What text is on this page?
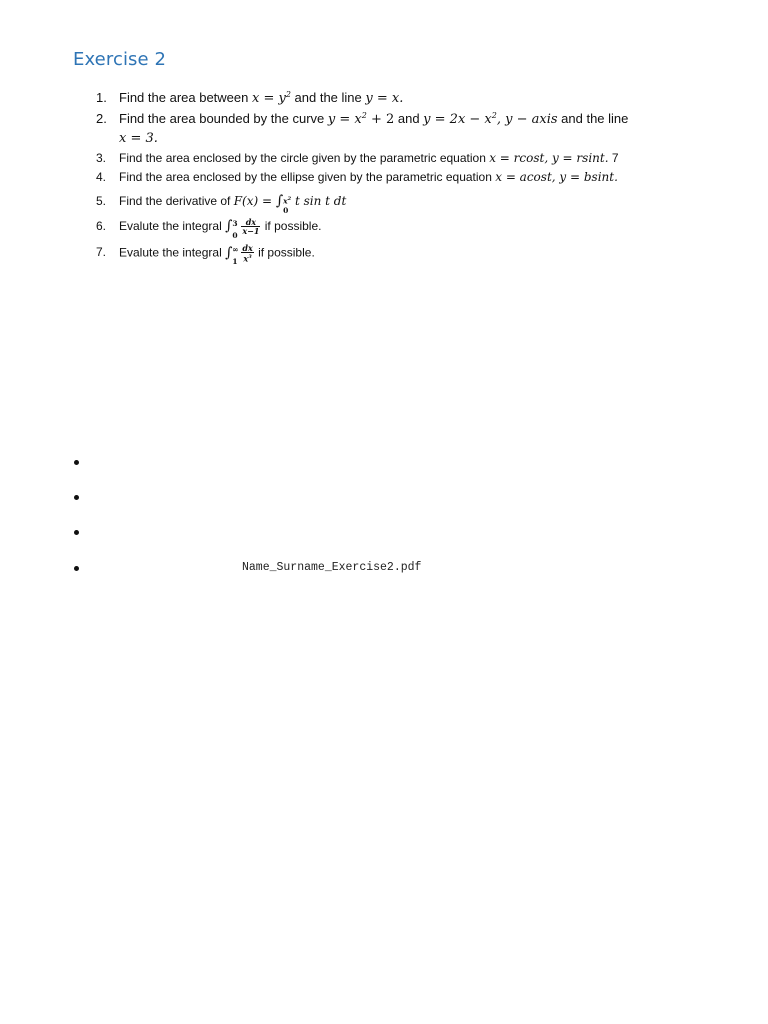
Exercise 2
1. Find the area between $x = y^2$ and the line y = x.
2. Find the area bounded by the curve $y = x^2 + 2$ and $y = 2x - x^2$, y − axis and the line
x = 3.
3.	Find the area enclosed by the circle given by the parametric equation x = rcost, y = rsint. 7
4.	Find the area enclosed by the ellipse given by the parametric equation x = acost, y = bsint.
5.	Find the derivative of F(x) = ∫ $x^2$
0
t sin t dt
6.	Evalute the integral ∫ 3
$0 \frac{dx}{x-1}$ if possible.
7.	Evalute the integral ∫ ∞
$1 \frac{dx}{x^3}$ if possible.
Name_Surname_Exercise2.pdf
